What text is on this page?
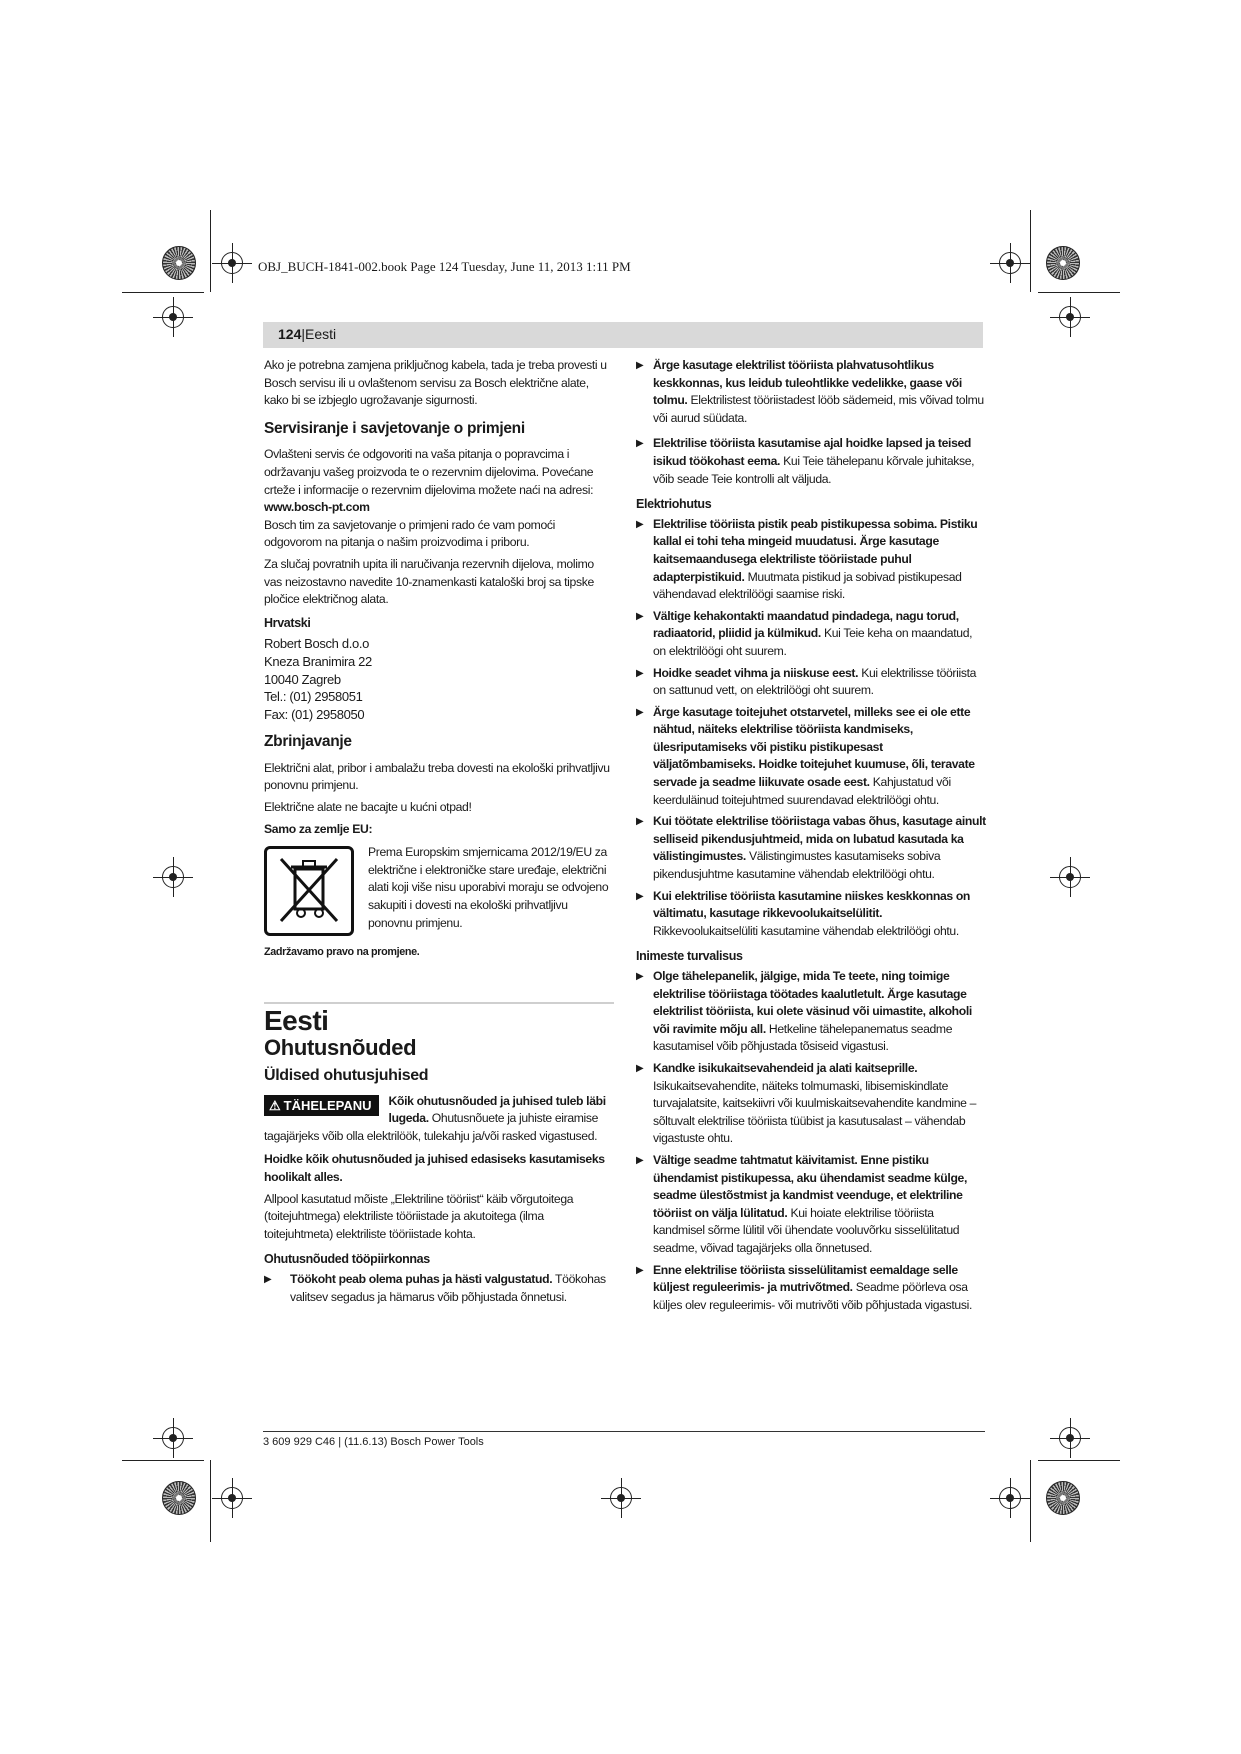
OBJ_BUCH-1841-002.book Page 124 Tuesday, June 11, 2013 1:11 PM
124|Eesti

Ako je potrebna zamjena priključnog kabela, tada je treba provesti u Bosch servisu ili u ovlaštenom servisu za Bosch električne alate, kako bi se izbjeglo ugrožavanje sigurnosti.

Servisiranje i savjetovanje o primjeni

Ovlašteni servis će odgovoriti na vaša pitanja o popravcima i održavanju vašeg proizvoda te o rezervnim dijelovima. Povećane crteže i informacije o rezervnim dijelovima možete naći na adresi:

www.bosch-pt.com

Bosch tim za savjetovanje o primjeni rado će vam pomoći odgovorom na pitanja o našim proizvodima i priboru.

Za slučaj povratnih upita ili naručivanja rezervnih dijelova, molimo vas neizostavno navedite 10-znamenkasti kataloški broj sa tipske pločice električnog alata.

Hrvatski
Robert Bosch d.o.o
Kneza Branimira 22
10040 Zagreb
Tel.: (01) 2958051
Fax: (01) 2958050
Zbrinjavanje

Električni alat, pribor i ambalažu treba dovesti na ekološki prihvatljivu ponovnu primjenu.

Električne alate ne bacajte u kućni otpad!

Samo za zemlje EU:
Prema Europskim smjernicama 2012/19/EU za električne i elektroničke stare uređaje, električni alati koji više nisu uporabivi moraju se odvojeno sakupiti i dovesti na ekološki prihvatljivu ponovnu primjenu.
Zadržavamo pravo na promjene.
Eesti
Ohutusnõuded
Üldised ohutusjuhised
⚠ TÄHELEPANU	Kõik ohutusnõuded ja juhised tuleb läbi lugeda. Ohutusnõuete ja juhiste eiramise tagajärjeks võib olla elektrilöök, tulekahju ja/või rasked vigastused.

Hoidke kõik ohutusnõuded ja juhised edasiseks kasutamiseks hoolikalt alles.

Allpool kasutatud mõiste „Elektriline tööriist“ käib võrgutoitega (toitejuhtmega) elektriliste tööriistade ja akutoitega (ilma toitejuhtmeta) elektriliste tööriistade kohta.

Ohutusnõuded tööpiirkonnas
▶ Töökoht peab olema puhas ja hästi valgustatud. Töökohas valitsev segadus ja hämarus võib põhjustada õnnetusi.
▶ Ärge kasutage elektrilist tööriista plahvatusohtlikus keskkonnas, kus leidub tuleohtlikke vedelikke, gaase või tolmu. Elektrilistest tööriistadest lööb sädemeid, mis võivad tolmu või aurud süüdata.
▶ Elektrilise tööriista kasutamise ajal hoidke lapsed ja teised isikud töökohast eema. Kui Teie tähelepanu kõrvale juhitakse, võib seade Teie kontrolli alt väljuda.
Elektriohutus
▶ Elektrilise tööriista pistik peab pistikupessa sobima. Pistiku kallal ei tohi teha mingeid muudatusi. Ärge kasutage kaitsemaandusega elektriliste tööriistade puhul adapterpistikuid. Muutmata pistikud ja sobivad pistikupesad vähendavad elektrilöögi saamise riski.
▶ Vältige kehakontakti maandatud pindadega, nagu torud, radiaatorid, pliidid ja külmikud. Kui Teie keha on maandatud, on elektrilöögi oht suurem.
▶ Hoidke seadet vihma ja niiskuse eest. Kui elektrilisse tööriista on sattunud vett, on elektrilöögi oht suurem.
▶ Ärge kasutage toitejuhet otstarvetel, milleks see ei ole ette nähtud, näiteks elektrilise tööriista kandmiseks, ülesriputamiseks või pistiku pistikupesast väljatõmbamiseks. Hoidke toitejuhet kuumuse, õli, teravate servade ja seadme liikuvate osade eest. Kahjustatud või keerduläinud toitejuhtmed suurendavad elektrilöögi ohtu.
▶ Kui töötate elektrilise tööriistaga vabas õhus, kasutage ainult selliseid pikendusjuhtmeid, mida on lubatud kasutada ka välistingimustes. Välistingimustes kasutamiseks sobiva pikendusjuhtme kasutamine vähendab elektrilöögi ohtu.
▶ Kui elektrilise tööriista kasutamine niiskes keskkonnas on vältimatu, kasutage rikkevoolukaitselülitit. Rikkevoolukaitselüliti kasutamine vähendab elektrilöögi ohtu.
Inimeste turvalisus
▶ Olge tähelepanelik, jälgige, mida Te teete, ning toimige elektrilise tööriistaga töötades kaalutletult. Ärge kasutage elektrilist tööriista, kui olete väsinud või uimastite, alkoholi või ravimite mõju all. Hetkeline tähelepanematus seadme kasutamisel võib põhjustada tõsiseid vigastusi.
▶ Kandke isikukaitsevahendeid ja alati kaitseprille. Isikukaitsevahendite, näiteks tolmumaski, libisemiskindlate turvajalatsite, kaitsekiivri või kuulmiskaitsevahendite kandmine – sõltuvalt elektrilise tööriista tüübist ja kasutusalast – vähendab vigastuste ohtu.
▶ Vältige seadme tahtmatut käivitamist. Enne pistiku ühendamist pistikupessa, aku ühendamist seadme külge, seadme ülestõstmist ja kandmist veenduge, et elektriline tööriist on välja lülitatud. Kui hoiate elektrilise tööriista kandmisel sõrme lülitil või ühendate vooluvõrku sisselülitatud seadme, võivad tagajärjeks olla õnnetused.
▶ Enne elektrilise tööriista sisselülitamist eemaldage selle küljest reguleerimis- ja mutrivõtmed. Seadme pöörleva osa küljes olev reguleerimis- või mutrivõti võib põhjustada vigastusi.
3 609 929 C46 | (11.6.13) Bosch Power Tools
